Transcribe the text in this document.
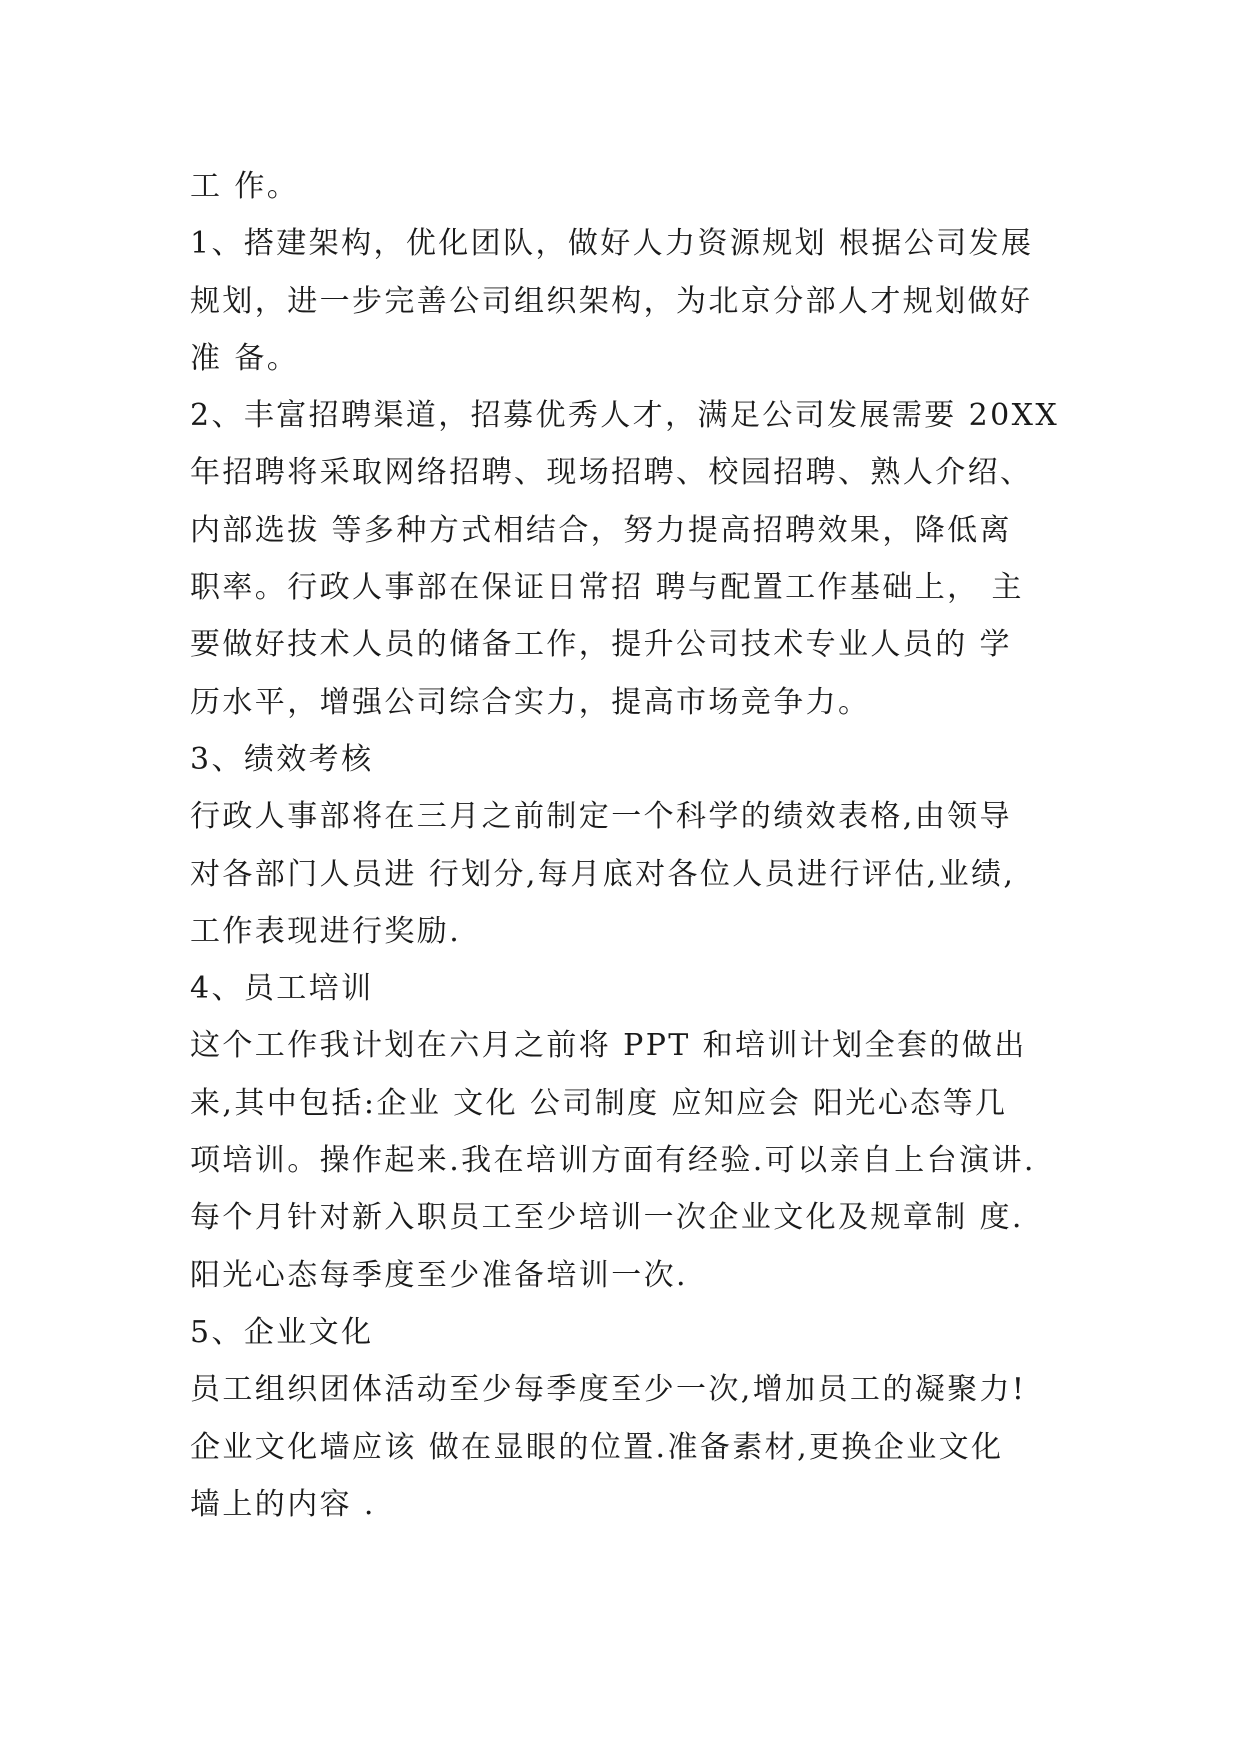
工 作。
1、搭建架构，优化团队，做好人力资源规划 根据公司发展
规划，进一步完善公司组织架构，为北京分部人才规划做好
准 备。
2、丰富招聘渠道，招募优秀人才，满足公司发展需要 20XX
年招聘将采取网络招聘、现场招聘、校园招聘、熟人介绍、
内部选拔 等多种方式相结合，努力提高招聘效果，降低离
职率。行政人事部在保证日常招 聘与配置工作基础上， 主
要做好技术人员的储备工作，提升公司技术专业人员的 学
历水平，增强公司综合实力，提高市场竞争力。
3、绩效考核
行政人事部将在三月之前制定一个科学的绩效表格,由领导
对各部门人员进 行划分,每月底对各位人员进行评估,业绩,
工作表现进行奖励.
4、员工培训
这个工作我计划在六月之前将 PPT 和培训计划全套的做出
来,其中包括:企业 文化 公司制度 应知应会 阳光心态等几
项培训。操作起来.我在培训方面有经验.可以亲自上台演讲.
每个月针对新入职员工至少培训一次企业文化及规章制 度.
阳光心态每季度至少准备培训一次.
5、企业文化
员工组织团体活动至少每季度至少一次,增加员工的凝聚力!
企业文化墙应该 做在显眼的位置.准备素材,更换企业文化
墙上的内容 .
